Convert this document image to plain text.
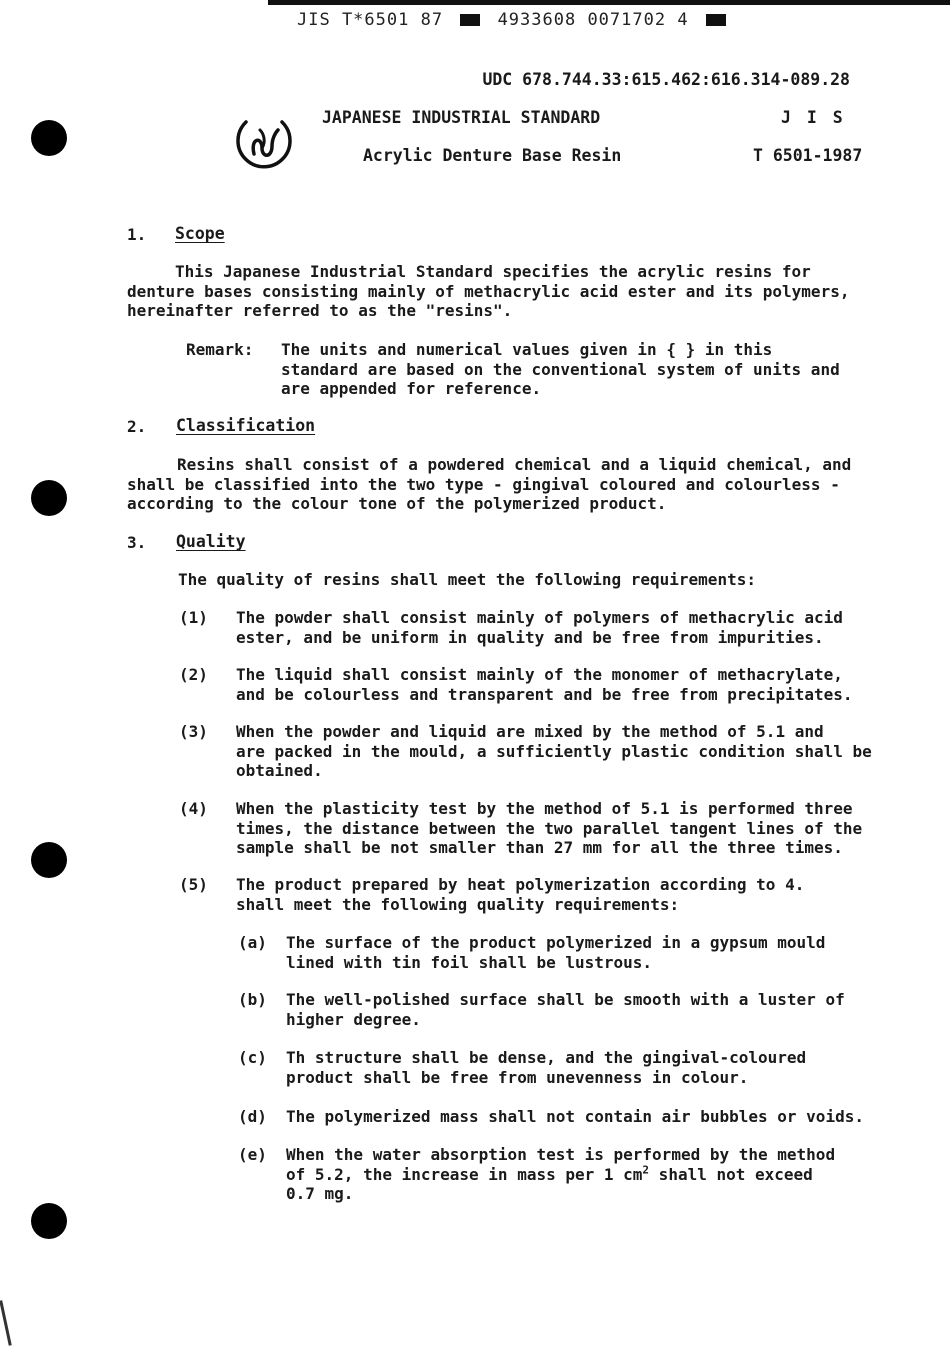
JIS T*6501 87	4933608 0071702 4
UDC 678.744.33:615.462:616.314-089.28
JAPANESE INDUSTRIAL STANDARD
Acrylic Denture Base Resin
J I S
T 6501-1987
1. Scope
This Japanese Industrial Standard specifies the acrylic resins for
denture bases consisting mainly of methacrylic acid ester and its polymers,
hereinafter referred to as the "resins".
Remark: The units and numerical values given in { } in this
standard are based on the conventional system of units and
are appended for reference.
2. Classification
Resins shall consist of a powdered chemical and a liquid chemical, and
shall be classified into the two type - gingival coloured and colourless -
according to the colour tone of the polymerized product.
3. Quality
The quality of resins shall meet the following requirements:
(1) The powder shall consist mainly of polymers of methacrylic acid
ester, and be uniform in quality and be free from impurities.
(2) The liquid shall consist mainly of the monomer of methacrylate,
and be colourless and transparent and be free from precipitates.
(3) When the powder and liquid are mixed by the method of 5.1 and
are packed in the mould, a sufficiently plastic condition shall be
obtained.
(4) When the plasticity test by the method of 5.1 is performed three
times, the distance between the two parallel tangent lines of the
sample shall be not smaller than 27 mm for all the three times.
(5) The product prepared by heat polymerization according to 4.
shall meet the following quality requirements:
(a) The surface of the product polymerized in a gypsum mould
lined with tin foil shall be lustrous.
(b) The well-polished surface shall be smooth with a luster of
higher degree.
(c) Th structure shall be dense, and the gingival-coloured
product shall be free from unevenness in colour.
(d) The polymerized mass shall not contain air bubbles or voids.
(e) When the water absorption test is performed by the method
of 5.2, the increase in mass per 1 $cm^2$ shall not exceed
0.7 mg.
